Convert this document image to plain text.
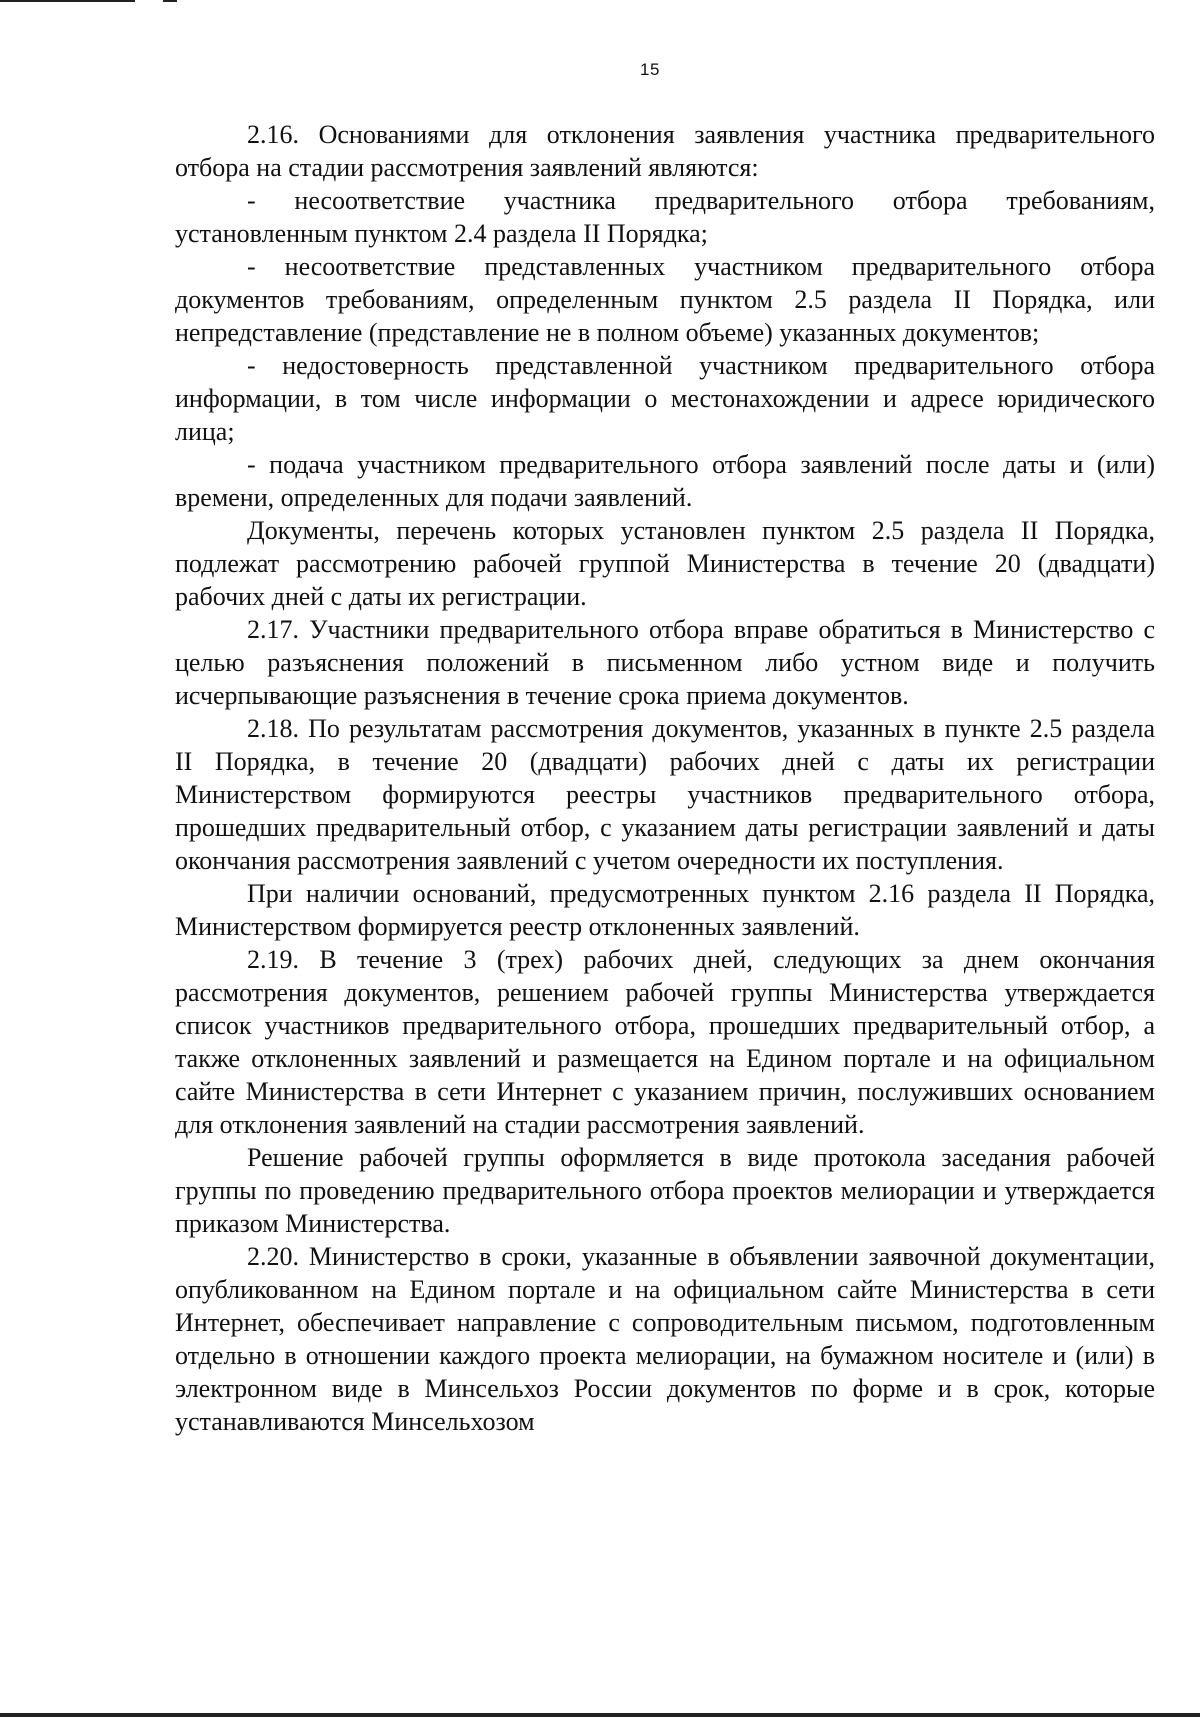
15

2.16. Основаниями для отклонения заявления участника предварительного отбора на стадии рассмотрения заявлений являются:

- несоответствие участника предварительного отбора требованиям, установленным пунктом 2.4 раздела II Порядка;

- несоответствие представленных участником предварительного отбора документов требованиям, определенным пунктом 2.5 раздела II Порядка, или непредставление (представление не в полном объеме) указанных документов;

- недостоверность представленной участником предварительного отбора информации, в том числе информации о местонахождении и адресе юридического лица;

- подача участником предварительного отбора заявлений после даты и (или) времени, определенных для подачи заявлений.

Документы, перечень которых установлен пунктом 2.5 раздела II Порядка, подлежат рассмотрению рабочей группой Министерства в течение 20 (двадцати) рабочих дней с даты их регистрации.

2.17. Участники предварительного отбора вправе обратиться в Министерство с целью разъяснения положений в письменном либо устном виде и получить исчерпывающие разъяснения в течение срока приема документов.

2.18. По результатам рассмотрения документов, указанных в пункте 2.5 раздела II Порядка, в течение 20 (двадцати) рабочих дней с даты их регистрации Министерством формируются реестры участников предварительного отбора, прошедших предварительный отбор, с указанием даты регистрации заявлений и даты окончания рассмотрения заявлений с учетом очередности их поступления.

При наличии оснований, предусмотренных пунктом 2.16 раздела II Порядка, Министерством формируется реестр отклоненных заявлений.

2.19. В течение 3 (трех) рабочих дней, следующих за днем окончания рассмотрения документов, решением рабочей группы Министерства утверждается список участников предварительного отбора, прошедших предварительный отбор, а также отклоненных заявлений и размещается на Едином портале и на официальном сайте Министерства в сети Интернет с указанием причин, послуживших основанием для отклонения заявлений на стадии рассмотрения заявлений.

Решение рабочей группы оформляется в виде протокола заседания рабочей группы по проведению предварительного отбора проектов мелиорации и утверждается приказом Министерства.

2.20. Министерство в сроки, указанные в объявлении заявочной документации, опубликованном на Едином портале и на официальном сайте Министерства в сети Интернет, обеспечивает направление с сопроводительным письмом, подготовленным отдельно в отношении каждого проекта мелиорации, на бумажном носителе и (или) в электронном виде в Минсельхоз России документов по форме и в срок, которые устанавливаются Минсельхозом
